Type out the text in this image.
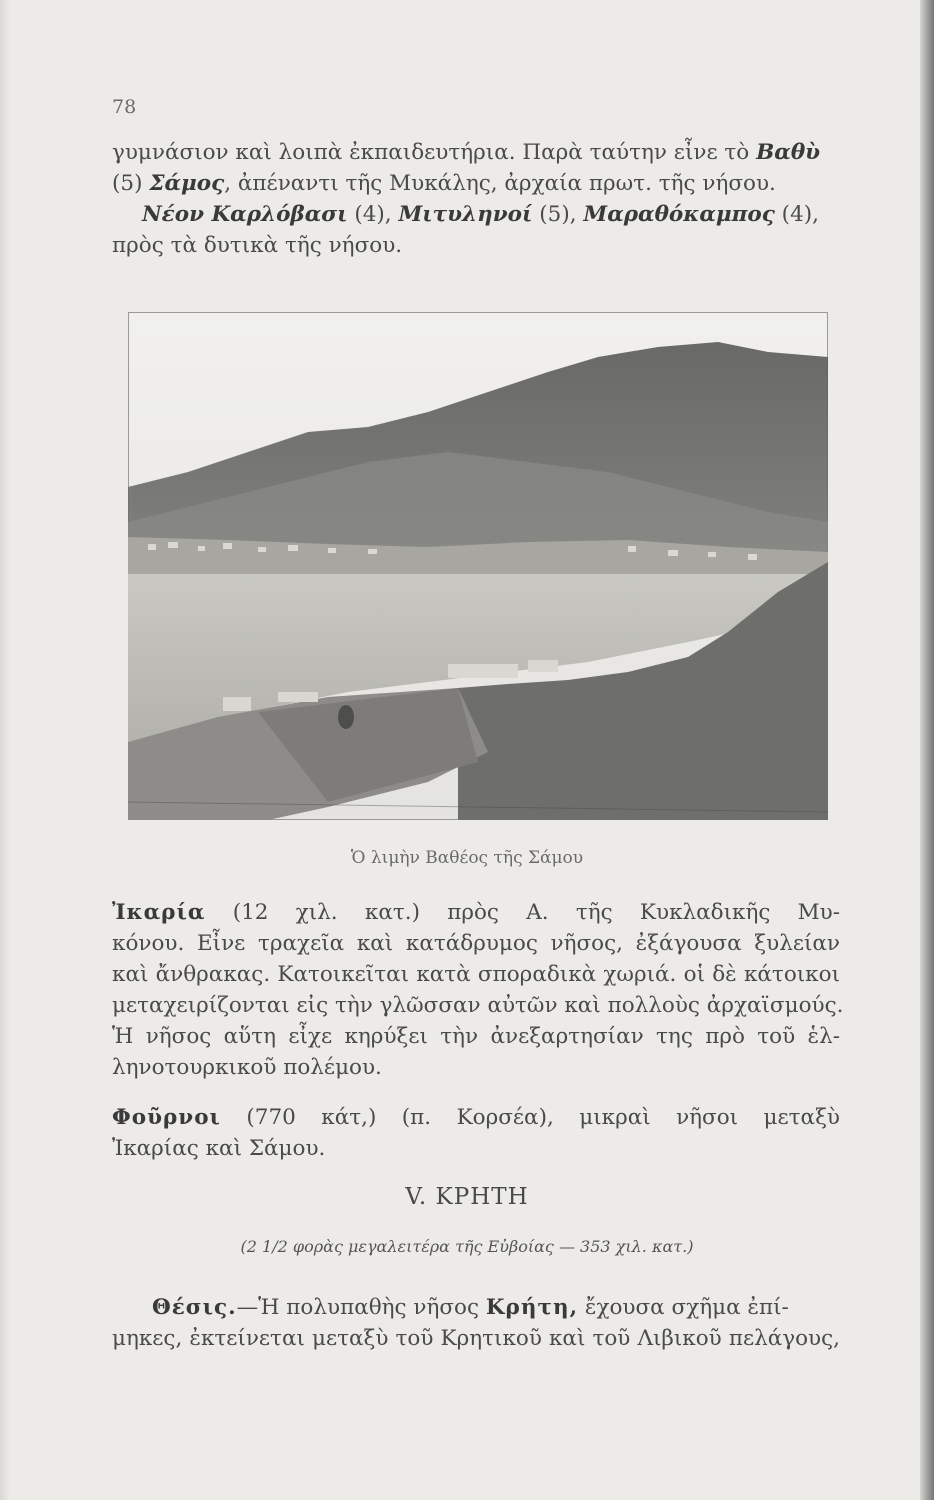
78
γυμνάσιον καὶ λοιπὰ ἐκπαιδευτήρια. Παρὰ ταύτην εἶνε τὸ Βαθὺ
(5) Σάμος, ἀπέναντι τῆς Μυκάλης, ἀρχαία πρωτ. τῆς νήσου.
Νέον Καρλόβασι (4), Μιτυληνοί (5), Μαραθόκαμπος (4),
πρὸς τὰ δυτικὰ τῆς νήσου.
Ὁ λιμὴν Βαθέος τῆς Σάμου
Ἰκαρία (12 χιλ. κατ.) πρὸς Α. τῆς Κυκλαδικῆς Μυ-
κόνου. Εἶνε τραχεῖα καὶ κατάδρυμος νῆσος, ἐξάγουσα ξυλείαν
καὶ ἄνθρακας. Κατοικεῖται κατὰ σποραδικὰ χωριά. οἱ δὲ κάτοικοι
μεταχειρίζονται εἰς τὴν γλῶσσαν αὐτῶν καὶ πολλοὺς ἀρχαϊσμούς.
Ἡ νῆσος αὕτη εἶχε κηρύξει τὴν ἀνεξαρτησίαν της πρὸ τοῦ ἑλ-
ληνοτουρκικοῦ πολέμου.
Φοῦρνοι (770 κάτ,) (π. Κορσέα), μικραὶ νῆσοι μεταξὺ
Ἰκαρίας καὶ Σάμου.
V. ΚΡΗΤΗ
(2 1/2 φορὰς μεγαλειτέρα τῆς Εὐβοίας — 353 χιλ. κατ.)
Θέσις.—Ἡ πολυπαθὴς νῆσος Κρήτη, ἔχουσα σχῆμα ἐπί-
μηκες, ἐκτείνεται μεταξὺ τοῦ Κρητικοῦ καὶ τοῦ Λιβικοῦ πελάγους,
